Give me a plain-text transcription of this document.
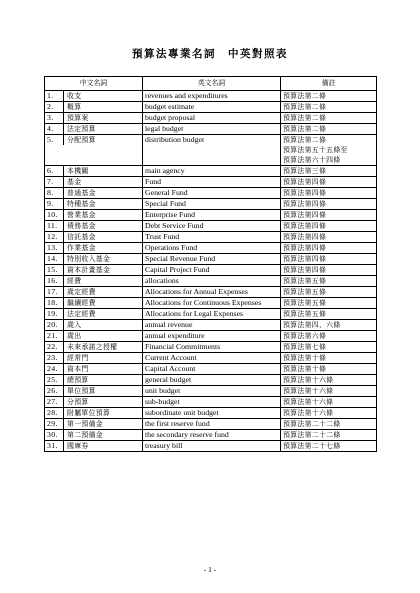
預算法專業名詞　中英對照表
中文名詞	英文名詞	備註

1. 收支	revenues and expenditures	預算法第二條

2. 概算	budget estimate	預算法第二條

3. 預算案	budget proposal	預算法第二條

4. 法定預算	legal budget	預算法第二條

5. 分配預算	distribution budget	預算法第二條
預算法第五十五條至
預算法第六十四條

6. 本機關	main agency	預算法第三條

7. 基金	Fund	預算法第四條

8. 普通基金	General Fund	預算法第四條

9. 特種基金	Special Fund	預算法第四條

10. 營業基金	Enterprise Fund	預算法第四條

11. 債務基金	Debt Service Fund	預算法第四條

12. 信託基金	Trust Fund	預算法第四條

13. 作業基金	Operations Fund	預算法第四條

14. 特別收入基金	Special Revenue Fund	預算法第四條

15. 資本計畫基金	Capital Project Fund	預算法第四條

16. 經費	allocations	預算法第五條

17. 歲定經費	Allocations for Annual Expenses	預算法第五條

18. 繼續經費	Allocations for Continuous Expenses	預算法第五條

19. 法定經費	Allocations for Legal Expenses	預算法第五條

20. 歲入	annual revenue	預算法第四、六條

21. 歲出	annual expenditure	預算法第六條

22. 未來承諾之授權	Financial Commitments	預算法第七條

23. 經常門	Current Account	預算法第十條

24. 資本門	Capital Account	預算法第十條

25. 總預算	general budget	預算法第十六條

26. 單位預算	unit budget	預算法第十六條

27. 分預算	sub-budget	預算法第十六條

28. 附屬單位預算	subordinate unit budget	預算法第十六條

29. 第一預備金	the first reserve fund	預算法第二十二條

30. 第二預備金	the secondary reserve fund	預算法第二十二條

31. 國庫券	treasury bill	預算法第二十七條
- 1 -
